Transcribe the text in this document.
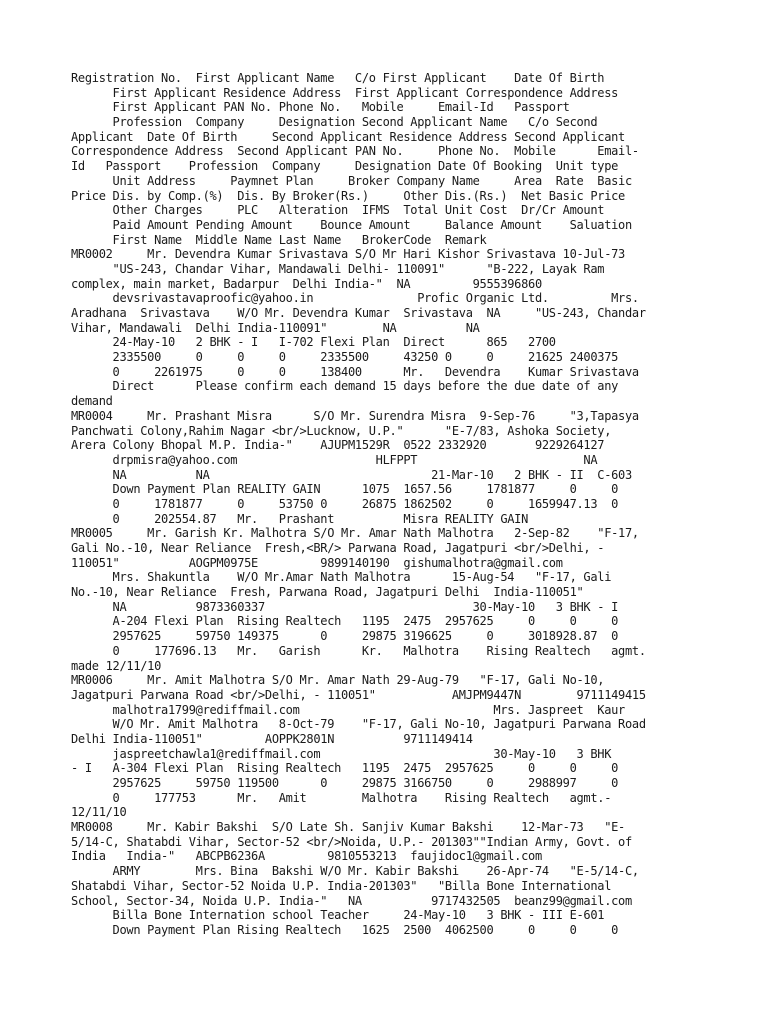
Registration No.  First Applicant Name   C/o First Applicant    Date Of Birth
First Applicant Residence Address  First Applicant Correspondence Address
First Applicant PAN No. Phone No.   Mobile     Email-Id   Passport
Profession  Company     Designation Second Applicant Name   C/o Second
Applicant  Date Of Birth     Second Applicant Residence Address Second Applicant
Correspondence Address  Second Applicant PAN No.     Phone No.  Mobile      Email-
Id   Passport    Profession  Company     Designation Date Of Booking  Unit type
Unit Address     Paymnet Plan     Broker Company Name     Area  Rate  Basic
Price Dis. by Comp.(%)  Dis. By Broker(Rs.)     Other Dis.(Rs.)  Net Basic Price
Other Charges     PLC   Alteration  IFMS  Total Unit Cost  Dr/Cr Amount
Paid Amount Pending Amount    Bounce Amount     Balance Amount    Saluation
First Name  Middle Name Last Name   BrokerCode  Remark
MR0002     Mr. Devendra Kumar Srivastava S/O Mr Hari Kishor Srivastava 10-Jul-73
"US-243, Chandar Vihar, Mandawali Delhi- 110091"      "B-222, Layak Ram
complex, main market, Badarpur  Delhi India-"  NA         9555396860
devsrivastavaproofic@yahoo.in               Profic Organic Ltd.         Mrs.
Aradhana  Srivastava    W/O Mr. Devendra Kumar  Srivastava  NA     "US-243, Chandar
Vihar, Mandawali  Delhi India-110091"        NA          NA
24-May-10   2 BHK - I   I-702 Flexi Plan  Direct      865   2700
2335500     0     0     0     2335500     43250 0     0     21625 2400375
0     2261975     0     0     138400      Mr.   Devendra    Kumar Srivastava
Direct      Please confirm each demand 15 days before the due date of any
demand
MR0004     Mr. Prashant Misra      S/O Mr. Surendra Misra  9-Sep-76     "3,Tapasya
Panchwati Colony,Rahim Nagar <br/>Lucknow, U.P."      "E-7/83, Ashoka Society,
Arera Colony Bhopal M.P. India-"    AJUPM1529R  0522 2332920       9229264127
drpmisra@yahoo.com                    HLFPPT                        NA
NA          NA                                21-Mar-10   2 BHK - II  C-603
Down Payment Plan REALITY GAIN      1075  1657.56     1781877     0     0
0     1781877     0     53750 0     26875 1862502     0     1659947.13  0
0     202554.87   Mr.   Prashant          Misra REALITY GAIN
MR0005     Mr. Garish Kr. Malhotra S/O Mr. Amar Nath Malhotra   2-Sep-82    "F-17,
Gali No.-10, Near Reliance  Fresh,<BR/> Parwana Road, Jagatpuri <br/>Delhi, -
110051"          AOGPM0975E         9899140190  gishumalhotra@gmail.com
Mrs. Shakuntla    W/O Mr.Amar Nath Malhotra      15-Aug-54   "F-17, Gali
No.-10, Near Reliance  Fresh, Parwana Road, Jagatpuri Delhi  India-110051"
NA          9873360337                              30-May-10   3 BHK - I
A-204 Flexi Plan  Rising Realtech   1195  2475  2957625     0     0     0
2957625     59750 149375      0     29875 3196625     0     3018928.87  0
0     177696.13   Mr.   Garish      Kr.   Malhotra    Rising Realtech   agmt.
made 12/11/10
MR0006     Mr. Amit Malhotra S/O Mr. Amar Nath 29-Aug-79   "F-17, Gali No-10,
Jagatpuri Parwana Road <br/>Delhi, - 110051"           AMJPM9447N        9711149415
malhotra1799@rediffmail.com                            Mrs. Jaspreet  Kaur
W/O Mr. Amit Malhotra   8-Oct-79    "F-17, Gali No-10, Jagatpuri Parwana Road
Delhi India-110051"         AOPPK2801N          9711149414
jaspreetchawla1@rediffmail.com                         30-May-10   3 BHK
- I   A-304 Flexi Plan  Rising Realtech   1195  2475  2957625     0     0     0
2957625     59750 119500      0     29875 3166750     0     2988997     0
0     177753      Mr.   Amit        Malhotra    Rising Realtech   agmt.-
12/11/10
MR0008     Mr. Kabir Bakshi  S/O Late Sh. Sanjiv Kumar Bakshi    12-Mar-73   "E-
5/14-C, Shatabdi Vihar, Sector-52 <br/>Noida, U.P.- 201303""Indian Army, Govt. of
India   India-"   ABCPB6236A         9810553213  faujidoc1@gmail.com
ARMY        Mrs. Bina  Bakshi W/O Mr. Kabir Bakshi    26-Apr-74   "E-5/14-C,
Shatabdi Vihar, Sector-52 Noida U.P. India-201303"   "Billa Bone International
School, Sector-34, Noida U.P. India-"   NA          9717432505  beanz99@gmail.com
Billa Bone Internation school Teacher     24-May-10   3 BHK - III E-601
Down Payment Plan Rising Realtech   1625  2500  4062500     0     0     0
